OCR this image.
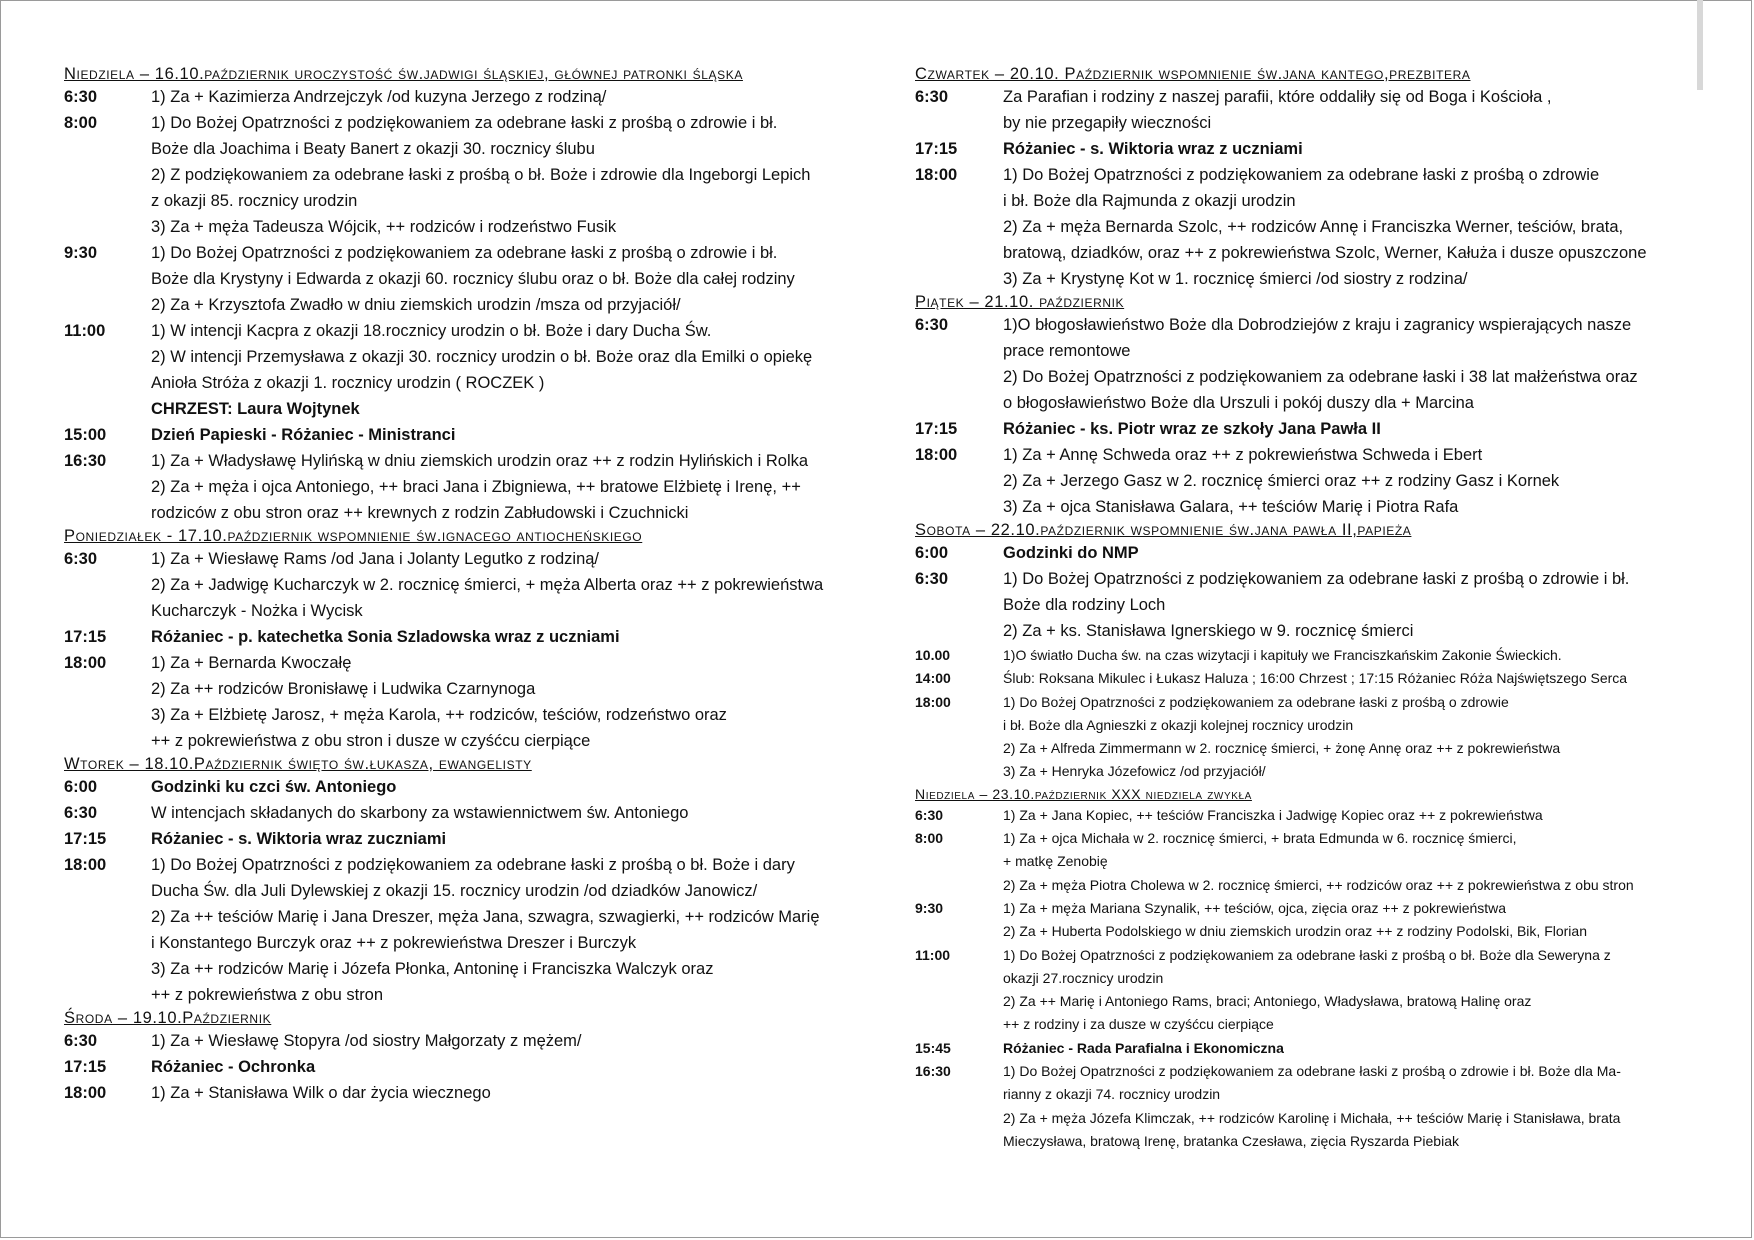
Niedziela – 16.10.październik uroczystość św.jadwigi śląskiej, głównej patronki śląska
6:30	1) Za + Kazimierza Andrzejczyk /od kuzyna Jerzego z rodziną/
8:00	1) Do Bożej Opatrzności z podziękowaniem za odebrane łaski z prośbą o zdrowie i bł.
Boże dla Joachima i Beaty Banert z okazji 30. rocznicy ślubu
2) Z podziękowaniem za odebrane łaski z prośbą o bł. Boże i zdrowie dla Ingeborgi Lepich
z okazji 85. rocznicy urodzin
3) Za + męża Tadeusza Wójcik, ++ rodziców i rodzeństwo Fusik
9:30	1) Do Bożej Opatrzności z podziękowaniem za odebrane łaski z prośbą o zdrowie i bł.
Boże dla Krystyny i Edwarda z okazji 60. rocznicy ślubu oraz o bł. Boże dla całej rodziny
2) Za + Krzysztofa Zwadło w dniu ziemskich urodzin /msza od przyjaciół/
11:00	1) W intencji Kacpra z okazji 18.rocznicy urodzin o bł. Boże i dary Ducha Św.
2) W intencji Przemysława z okazji 30. rocznicy urodzin o bł. Boże oraz dla Emilki o opiekę
Anioła Stróża z okazji 1. rocznicy urodzin ( ROCZEK )
CHRZEST: Laura Wojtynek
15:00	Dzień Papieski - Różaniec - Ministranci
16:30	1) Za + Władysławę Hylińską w dniu ziemskich urodzin oraz ++ z rodzin Hylińskich i Rolka
2) Za + męża i ojca Antoniego, ++ braci Jana i Zbigniewa, ++ bratowe Elżbietę i Irenę, ++
rodziców z obu stron oraz ++ krewnych z rodzin Zabłudowski i Czuchnicki
Poniedziałek - 17.10.październik wspomnienie św.ignacego antiocheńskiego
6:30	1) Za + Wiesławę Rams /od Jana i Jolanty Legutko z rodziną/
2) Za + Jadwigę Kucharczyk w 2. rocznicę śmierci, + męża Alberta oraz ++ z pokrewieństwa
Kucharczyk - Nożka i Wycisk
17:15	Różaniec - p. katechetka Sonia Szladowska wraz z uczniami
18:00	1) Za + Bernarda Kwoczałę
2) Za ++ rodziców Bronisławę i Ludwika Czarnynoga
3) Za + Elżbietę Jarosz, + męża Karola, ++ rodziców, teściów, rodzeństwo oraz
++ z pokrewieństwa z obu stron i dusze w czyśćcu cierpiące
Wtorek – 18.10.Październik święto św.łukasza, ewangelisty
6:00	Godzinki ku czci św. Antoniego
6:30	W intencjach składanych do skarbony za wstawiennictwem św. Antoniego
17:15	Różaniec - s. Wiktoria wraz zuczniami
18:00	1) Do Bożej Opatrzności z podziękowaniem za odebrane łaski z prośbą o bł. Boże i dary
Ducha Św. dla Juli Dylewskiej z okazji 15. rocznicy urodzin /od dziadków Janowicz/
2) Za ++ teściów Marię i Jana Dreszer, męża Jana, szwagra, szwagierki, ++ rodziców Marię
i Konstantego Burczyk oraz ++ z pokrewieństwa Dreszer i Burczyk
3) Za ++ rodziców Marię i Józefa Płonka, Antoninę i Franciszka Walczyk oraz
++ z pokrewieństwa z obu stron
Środa – 19.10.Październik
6:30	1) Za + Wiesławę Stopyra /od siostry Małgorzaty z mężem/
17:15	Różaniec - Ochronka
18:00	1) Za + Stanisława Wilk o dar życia wiecznego
Czwartek – 20.10. Październik wspomnienie św.jana kantego,prezbitera
6:30	Za Parafian i rodziny z naszej parafii, które oddaliły się od Boga i Kościoła ,
by nie przegapiły wieczności
17:15	Różaniec - s. Wiktoria wraz z uczniami
18:00	1) Do Bożej Opatrzności z podziękowaniem za odebrane łaski z prośbą o zdrowie
i bł. Boże dla Rajmunda z okazji urodzin
2) Za + męża Bernarda Szolc, ++ rodziców Annę i Franciszka Werner, teściów, brata,
bratową, dziadków, oraz ++ z pokrewieństwa Szolc, Werner, Kałuża i dusze opuszczone
3) Za + Krystynę Kot w 1. rocznicę śmierci /od siostry z rodzina/
Piątek – 21.10. październik
6:30	1)O błogosławieństwo Boże dla Dobrodziejów z kraju i zagranicy wspierających nasze
prace remontowe
2) Do Bożej Opatrzności z podziękowaniem za odebrane łaski i 38 lat małżeństwa oraz
o błogosławieństwo Boże dla Urszuli i pokój duszy dla + Marcina
17:15	Różaniec - ks. Piotr wraz ze szkoły Jana Pawła II
18:00	1) Za + Annę Schweda oraz ++ z pokrewieństwa Schweda i Ebert
2) Za + Jerzego Gasz w 2. rocznicę śmierci oraz ++ z rodziny Gasz i Kornek
3) Za + ojca Stanisława Galara, ++ teściów Marię i Piotra Rafa
Sobota – 22.10.październik wspomnienie św.jana pawła II,papieża
6:00	Godzinki do NMP
6:30	1) Do Bożej Opatrzności z podziękowaniem za odebrane łaski z prośbą o zdrowie i bł.
Boże dla rodziny Loch
2) Za + ks. Stanisława Ignerskiego w 9. rocznicę śmierci
10.00	1)O światło Ducha św. na czas wizytacji i kapituły we Franciszkańskim Zakonie Świeckich.
14:00	Ślub: Roksana Mikulec i Łukasz Haluza ; 16:00 Chrzest ; 17:15 Różaniec Róża Najświętszego Serca
18:00	1) Do Bożej Opatrzności z podziękowaniem za odebrane łaski z prośbą o zdrowie
i bł. Boże dla Agnieszki z okazji kolejnej rocznicy urodzin
2) Za + Alfreda Zimmermann w 2. rocznicę śmierci, + żonę Annę oraz ++ z pokrewieństwa
3) Za + Henryka Józefowicz /od przyjaciół/
Niedziela – 23.10.październik XXX niedziela zwykła
6:30	1) Za + Jana Kopiec, ++ teściów Franciszka i Jadwigę Kopiec oraz ++ z pokrewieństwa
8:00	1) Za + ojca Michała w 2. rocznicę śmierci, + brata Edmunda w 6. rocznicę śmierci,
+ matkę Zenobię
2) Za + męża Piotra Cholewa w 2. rocznicę śmierci, ++ rodziców oraz ++ z pokrewieństwa z obu stron
9:30	1) Za + męża Mariana Szynalik, ++ teściów, ojca, zięcia oraz ++ z pokrewieństwa
2) Za + Huberta Podolskiego w dniu ziemskich urodzin oraz ++ z rodziny Podolski, Bik, Florian
11:00	1) Do Bożej Opatrzności z podziękowaniem za odebrane łaski z prośbą o bł. Boże dla Seweryna z
okazji 27.rocznicy urodzin
2) Za ++ Marię i Antoniego Rams, braci; Antoniego, Władysława, bratową Halinę oraz
++ z rodziny i za dusze w czyśćcu cierpiące
15:45	Różaniec - Rada Parafialna i Ekonomiczna
16:30	1) Do Bożej Opatrzności z podziękowaniem za odebrane łaski z prośbą o zdrowie i bł. Boże dla Ma-
rianny z okazji 74. rocznicy urodzin
2) Za + męża Józefa Klimczak, ++ rodziców Karolinę i Michała, ++ teściów Marię i Stanisława, brata
Mieczysława, bratową Irenę, bratanka Czesława, zięcia Ryszarda Piebiak
